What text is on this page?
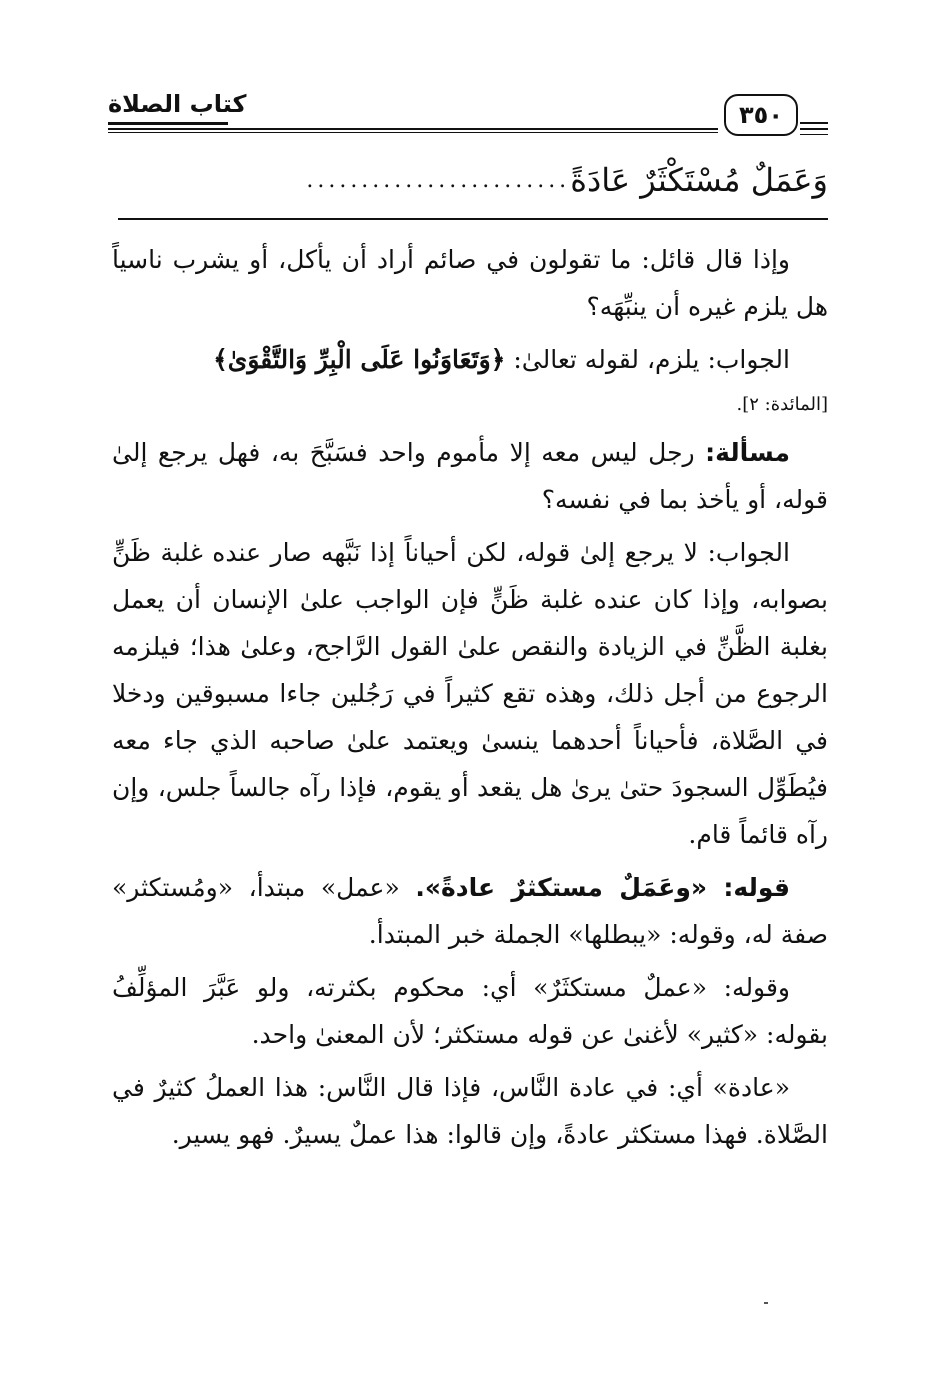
كتاب الصلاة	٣٥٠
وَعَمَلٌ مُسْتَكْثَرٌ عَادَةً
........................

وإذا قال قائل: ما تقولون في صائم أراد أن يأكل، أو يشرب ناسياً هل يلزم غيره أن ينبِّهَه؟

الجواب: يلزم، لقوله تعالىٰ: ﴿وَتَعَاوَنُوا عَلَى الْبِرِّ وَالتَّقْوَىٰ﴾

[المائدة: ٢].

مسألة: رجل ليس معه إلا مأموم واحد فسَبَّحَ به، فهل يرجع إلىٰ قوله، أو يأخذ بما في نفسه؟

الجواب: لا يرجع إلىٰ قوله، لكن أحياناً إذا نَبَّهه صار عنده غلبة ظَنٍّ بصوابه، وإذا كان عنده غلبة ظَنٍّ فإن الواجب علىٰ الإنسان أن يعمل بغلبة الظَّنِّ في الزيادة والنقص علىٰ القول الرَّاجح، وعلىٰ هذا؛ فيلزمه الرجوع من أجل ذلك، وهذه تقع كثيراً في رَجُلين جاءا مسبوقين ودخلا في الصَّلاة، فأحياناً أحدهما ينسىٰ ويعتمد علىٰ صاحبه الذي جاء معه فيُطَوِّل السجودَ حتىٰ يرىٰ هل يقعد أو يقوم، فإذا رآه جالساً جلس، وإن رآه قائماً قام.

قوله: «وعَمَلٌ مستكثرٌ عادةً». «عمل» مبتدأ، «ومُستكثر» صفة له، وقوله: «يبطلها» الجملة خبر المبتدأ.

وقوله: «عملٌ مستكثَرٌ» أي: محكوم بكثرته، ولو عَبَّرَ المؤلِّفُ بقوله: «كثير» لأغنىٰ عن قوله مستكثر؛ لأن المعنىٰ واحد.

«عادة» أي: في عادة النَّاس، فإذا قال النَّاس: هذا العملُ كثيرٌ في الصَّلاة. فهذا مستكثر عادةً، وإن قالوا: هذا عملٌ يسيرٌ. فهو يسير.
